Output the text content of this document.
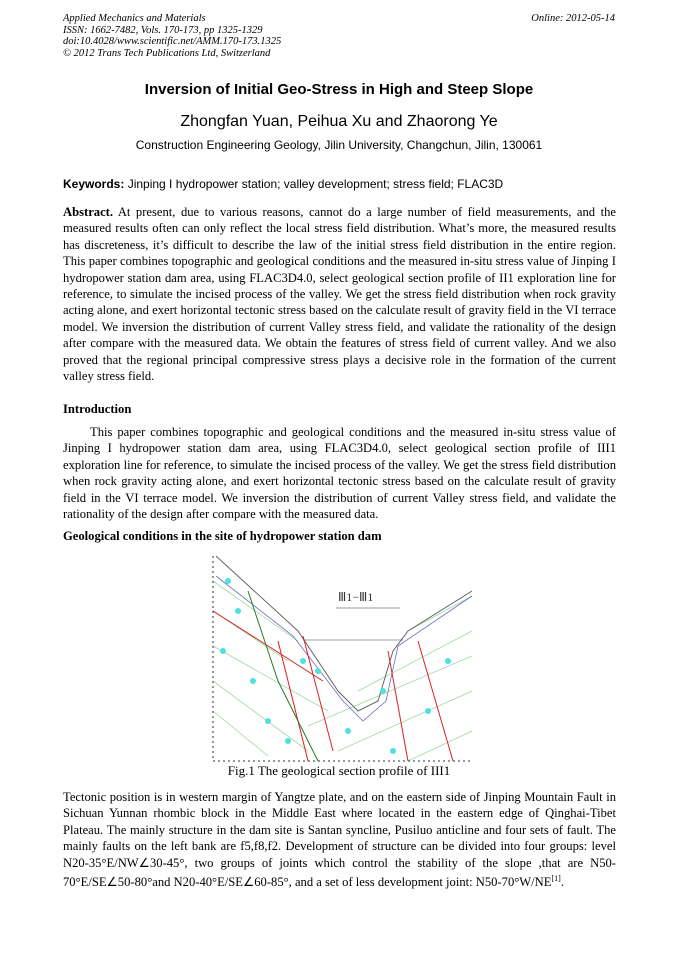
Applied Mechanics and Materials
ISSN: 1662-7482, Vols. 170-173, pp 1325-1329
doi:10.4028/www.scientific.net/AMM.170-173.1325
© 2012 Trans Tech Publications Ltd, Switzerland
Online: 2012-05-14
Inversion of Initial Geo-Stress in High and Steep Slope
Zhongfan Yuan, Peihua Xu and Zhaorong Ye
Construction Engineering Geology, Jilin University, Changchun, Jilin, 130061
Keywords: Jinping I hydropower station; valley development; stress field; FLAC3D
Abstract. At present, due to various reasons, cannot do a large number of field measurements, and the measured results often can only reflect the local stress field distribution. What’s more, the measured results has discreteness, it’s difficult to describe the law of the initial stress field distribution in the entire region. This paper combines topographic and geological conditions and the measured in-situ stress value of Jinping I hydropower station dam area, using FLAC3D4.0, select geological section profile of II1 exploration line for reference, to simulate the incised process of the valley. We get the stress field distribution when rock gravity acting alone, and exert horizontal tectonic stress based on the calculate result of gravity field in the VI terrace model. We inversion the distribution of current Valley stress field, and validate the rationality of the design after compare with the measured data. We obtain the features of stress field of current valley. And we also proved that the regional principal compressive stress plays a decisive role in the formation of the current valley stress field.
Introduction
This paper combines topographic and geological conditions and the measured in-situ stress value of Jinping I hydropower station dam area, using FLAC3D4.0, select geological section profile of III1 exploration line for reference, to simulate the incised process of the valley. We get the stress field distribution when rock gravity acting alone, and exert horizontal tectonic stress based on the calculate result of gravity field in the VI terrace model. We inversion the distribution of current Valley stress field, and validate the rationality of the design after compare with the measured data.
Geological conditions in the site of hydropower station dam
Ⅲ1−Ⅲ1
Fig.1 The geological section profile of III1
Tectonic position is in western margin of Yangtze plate, and on the eastern side of Jinping Mountain Fault in Sichuan Yunnan rhombic block in the Middle East where located in the eastern edge of Qinghai-Tibet Plateau. The mainly structure in the dam site is Santan syncline, Pusiluo anticline and four sets of fault. The mainly faults on the left bank are f5,f8,f2. Development of structure can be divided into four groups: level N20-35°E/NW∠30-45°, two groups of joints which control the stability of the slope ,that are N50-70°E/SE∠50-80°and N20-40°E/SE∠60-85°, and a set of less development joint: N50-70°W/NE[1].
